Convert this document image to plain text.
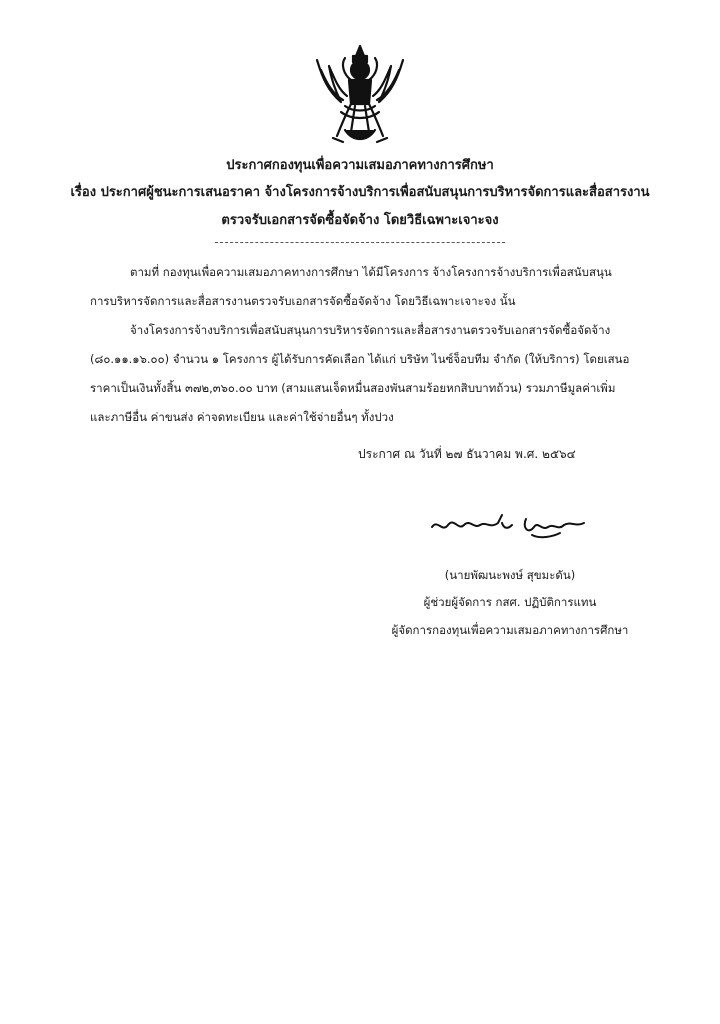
ประกาศกองทุนเพื่อความเสมอภาคทางการศึกษา
เรื่อง ประกาศผู้ชนะการเสนอราคา จ้างโครงการจ้างบริการเพื่อสนับสนุนการบริหารจัดการและสื่อสารงาน
ตรวจรับเอกสารจัดซื้อจัดจ้าง โดยวิธีเฉพาะเจาะจง
ตามที่ กองทุนเพื่อความเสมอภาคทางการศึกษา ได้มีโครงการ จ้างโครงการจ้างบริการเพื่อสนับสนุน
การบริหารจัดการและสื่อสารงานตรวจรับเอกสารจัดซื้อจัดจ้าง โดยวิธีเฉพาะเจาะจง นั้น
จ้างโครงการจ้างบริการเพื่อสนับสนุนการบริหารจัดการและสื่อสารงานตรวจรับเอกสารจัดซื้อจัดจ้าง
(๘๐.๑๑.๑๖.๐๐) จำนวน ๑ โครงการ ผู้ได้รับการคัดเลือก ได้แก่ บริษัท ไนซ์จ็อบทีม จำกัด (ให้บริการ) โดยเสนอ
ราคาเป็นเงินทั้งสิ้น ๓๗๒,๓๖๐.๐๐ บาท (สามแสนเจ็ดหมื่นสองพันสามร้อยหกสิบบาทถ้วน) รวมภาษีมูลค่าเพิ่ม
และภาษีอื่น ค่าขนส่ง ค่าจดทะเบียน และค่าใช้จ่ายอื่นๆ ทั้งปวง
ประกาศ ณ วันที่ ๒๗ ธันวาคม พ.ศ. ๒๕๖๔
(นายพัฒนะพงษ์ สุขมะดัน)
ผู้ช่วยผู้จัดการ กสศ. ปฏิบัติการแทน
ผู้จัดการกองทุนเพื่อความเสมอภาคทางการศึกษา
